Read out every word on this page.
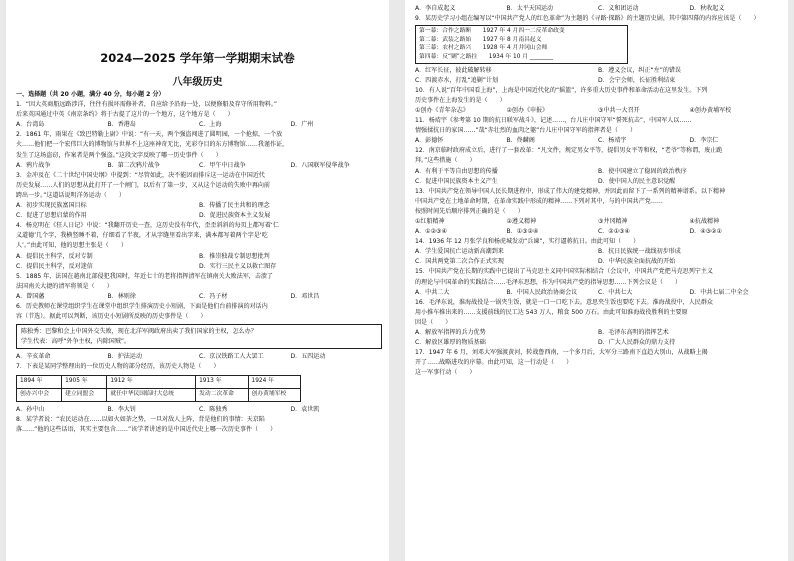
2024—2025 学年第一学期期末试卷
八年级历史
一、选择题（共 20 小题，满分 40 分，每小题 2 分）
1．“因大英商船远路涉洋，往往有损坏需修补者，自应给予沿海一处，以便修船及存守所用物料。”
后来英国通过中英《南京条约》将于古提了这片的一个地方，这个地方是（　　）
A．台湾岛	B．香港岛	C．上海	D．广州
2．1861 年，雨果在《致巴特勒上尉》中说：“有一天，两个强盗闯进了圆明园，一个抢掠，一个放
火……他们把一个宏伟巨大的博物馆与世界不上这座神奇无比，光彩夺目的东方博物馆……我谨作证，
发生了这场盗窃，作案者是两个强盗。”这段文字反映了哪一历史事件（　　）
A．鸦片战争	B．第二次鸦片战争	C．甲午中日战争	D．八国联军侵华战争
3．金冲及在《二十世纪中国史纲》中提到：“尽管如此，决不能因而排斥这一运动在中国近代
历史发展……人们的思想从此打开了一个闸门，以后有了第一步，又从这个运动的失败中再向前
跨出一步。”这道话说明洋务运动（　　）
A．初步实现民族富国目标	B．传播了民主共和的理念
C．促进了思想启蒙的作用	D．促进民族资本主义发展
4．杨克明在《狂人日记》中说：“我翻开历史一查，这历史没有年代，歪歪斜斜的每页上都写着‘仁
义道德’几个字，我横竖睡不着，仔细看了半夜，才从字缝里看出字来，满本都写着两个字是‘吃
人’。”由此可知，他的思想主张是（　　）
A．提倡民主科学，反对专制	B．推崇独裁专制思想批判
C．提倡民主科学，反对迷信	D．实行三民主义以救亡图存
5．1885 年，法国在越南北部侵犯我国时，年近七十的老将指挥清军在镇南关大败法军，击溃了
法国南关大捷的清军将领是（　　）
A．曾国藩	B．林则徐	C．冯子材	D．邓世昌
6．历史教师在课堂组织学生在课堂中组织学生排演历史小短剧，下面是他们台前排演的对话内
容（节选）。据此可以判断，该历史小短剧所反映的历史事件是（　　）
陈独秀：巴黎和会上中国外交失败，现在北洋军阀政府出卖了我们国家的主权，怎么办？
学生代表：高呼“外争主权，内除国贼”。
A．辛亥革命	B．护法运动	C．京汉铁路工人大罢工	D．五四运动
7．下表是某同学整理出的一位历史人物的部分经历，该历史人物是（　　）
1894 年	1905 年	1912 年	1913 年	1924 年
创办兴中会	建立同盟会	就任中华民国临时大总统	发动二次革命	创办黄埔军校
A．孙中山	B．李大钊	C．陈独秀	D．袁世凯
8．某学者说：“农民运动在……以如火如荼之势，一旦对敌人上阵，背是他们的事情：天京陷
落……”他的这些话语，其实主要包含……”该学者讲述的是中国近代史上哪一次历史事件（　　）
A．李自成起义	B．太平天国运动	C．义和团运动	D．秋收起义
9．某历史学习小组在编写以“中国共产党人的红色革命”为主题的《寻路·探路》的主题历史剧，其中第四幕的内容应该是（　　）
第一幕：合作之路断　　1927 年 4 月四一二反革命政变
第二幕：武装之路始　　1927 年 8 月南昌起义
第三幕：农村之路兴　　1928 年 4 月井冈山会师
第四幕：反“剿”之路拄　　1934 年 10 月 ________
A．红军长征，彼此破解转移	B．遵义会议，纠正“左”的错误
C．四渡赤水，打乱“追剿”计划	D．会宁会师，长征胜利结束
10．有人说“百年中国看上海”，上海是中国近代化的“摇篮”，许多重大历史事件和革命活动在这里发生。下列
历史事件在上海发生的是（　　）
①创办《青年杂志》	②创办《申报》	③中共一大召开	④创办黄埔军校
11．杨靖宇《参考第 10 期的抗日联军战斗》，记述……，台儿庄中国守军“誓死抗击”，中国军人以……
情强揉抗日的家国……”哉“赤壮烈的血肉之躯”台儿庄中国守军的指挥者是（　　）
A．彭德怀	B．佟麟阁	C．杨靖宇	D．李宗仁
12．南京临时政府成立后，进行了一套改革：“凡文件，规定男女平等，提倡男女平等和权，“老爷”等称谓，废止跪
拜。”这些措施（　　）
A．有利于平等自由思想的传播	B．使中国建立了稳固的政治秩序
C．促进中国民族资本主义产生	D．使中国人的民主意识觉醒
13．中国共产党在领导中国人民长期进程中，形成了伟大的建党精神，并因此而留下了一系列的精神谱系。以下精神
中国共产党在土地革命时期，在革命实践中形成的精神……下列对其中，与的中国共产党……
按照时间先后顺序排列正确的是（　　）
①红船精神	②遵义精神	③井冈精神	④抗战精神
A．①②③④	B．①③②④	C．②①③④	D．④③②①
14．1936 年 12 月张学良和杨虎城发动“兵谏”，实行逼蒋抗日。由此可知（　　）
A．学生爱国抗亡运动新高潮到来	B．抗日民族统一战线初步形成
C．国共两党第二次合作正式实现	D．中华民族全面抗战的开始
15．中国共产党在长期的实践中已提出了马克思主义同中国实际相结合（会议中，中国共产党把马克思列宁主义
的理论与中国革命的实践结合……毛泽东思想，作为中国共产党的指导思想……下列会议是（　　）
A．中共二大	B．中国人民政治协商会议	C．中共七大	D．中共七届二中全会
16．毛泽东说，淮海战役是一锅夹生饭，就是一口一口吃下去。意思夹生饭也要吃下去。淮海战役中，人民群众
用小推车推出来的……支援前线的民工达 543 万人，粮食 500 万石。由此可知淮海战役胜利的主要原
因是（　　）
A．解放军指挥的兵力优势	B．毛泽东高明的指挥艺术
C．解放区雄厚的物质基础	D．广大人民群众的鼎力支持
17．1947 年 6 月，刘邓大军强渡黄河，转战鲁西南，一个多月后，大军分三路南下直趋大别山，从战略上揭
开了……战略进攻的序幕。由此可知，这一行动是（　　）
这一军事行动（　　）
